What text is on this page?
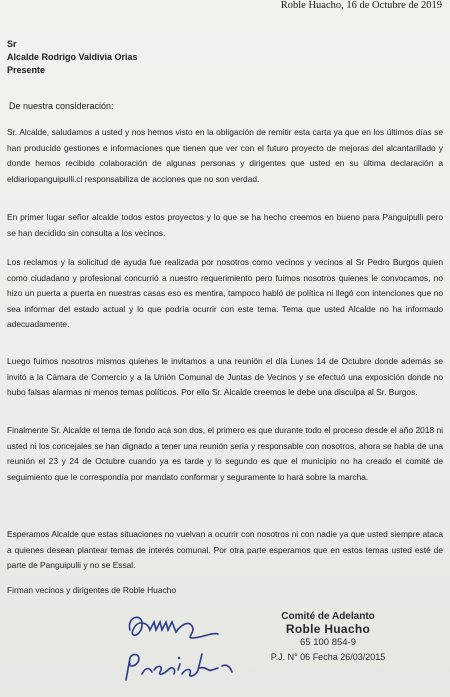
Roble Huacho, 16 de Octubre de 2019
Sr
Alcalde Rodrigo Valdivia Orias
Presente
De nuestra consideración:
Sr. Alcalde, saludamos a usted y nos hemos visto en la obligación de remitir esta carta ya que en los últimos días se han producido gestiones e informaciones que tienen que ver con el futuro proyecto de mejoras del alcantarillado y donde hemos recibido colaboración de algunas personas y dirigentes que usted en su última declaración a eldiariopanguipulli.cl responsabiliza de acciones que no son verdad.
En primer lugar señor alcalde todos estos proyectos y lo que se ha hecho creemos en bueno para Panguipulli pero se han decidido sin consulta a los vecinos.
Los reclamos y la solicitud de ayuda fue realizada por nosotros como vecinos y vecinos al Sr Pedro Burgos quien como ciudadano y profesional concurrió a nuestro requerimiento pero fuimos nosotros quienes le convocamos, no hizo un puerta a puerta en nuestras casas eso es mentira, tampoco habló de política ni llegó con intenciones que no sea informar del estado actual y lo que podría ocurrir con este tema. Tema que usted Alcalde no ha informado adecuadamente.
Luego fuimos nosotros mismos quienes le invitamos a una reunión el día Lunes 14 de Octubre donde además se invitó a la Cámara de Comercio y a la Unión Comunal de Juntas de Vecinos y se efectuó una exposición donde no hubo falsas alarmas ni menos temas políticos. Por ello Sr. Alcalde creemos le debe una disculpa al Sr. Burgos.
Finalmente Sr. Alcalde el tema de fondo acá son dos, el primero es que durante todo el proceso desde el año 2018 ni usted ni los concejales se han dignado a tener una reunión seria y responsable con nosotros, ahora se habla de una reunión el 23 y 24 de Octubre cuando ya es tarde y lo segundo es que el municipio no ha creado el comité de seguimiento que le correspondía por mandato conformar y seguramente lo hará sobre la marcha.
Esperamos Alcalde que estas situaciones no vuelvan a ocurrir con nosotros ni con nadie ya que usted siempre ataca a quienes desean plantear temas de interés comunal. Por otra parte esperamos que en estos temas usted esté de parte de Panguipulli y no se Essal.
Firman vecinos y dirigentes de Roble Huacho
Comité de Adelanto
Roble Huacho
65 100 854-9
P.J. N° 06 Fecha 26/03/2015
